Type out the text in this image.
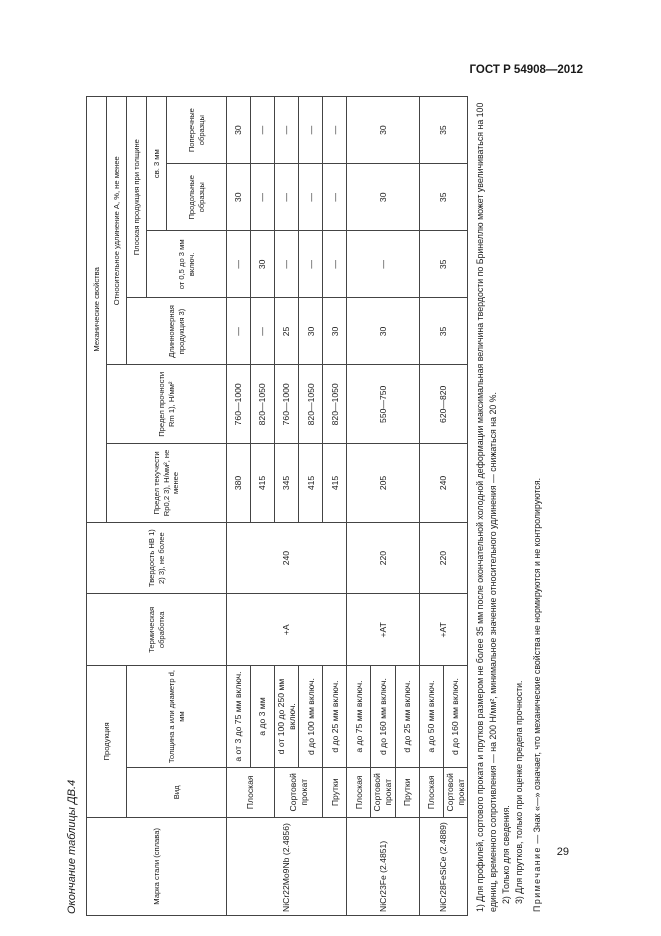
ГОСТ Р 54908—2012
Окончание таблицы ДВ.4	Марка стали (сплава)	Продукция		Термическая обработка	Твердость HB 1) 2) 3), не более	Механические свойства					
					Предел текучести Rp0,2 3), Н/мм², не менее	Предел прочности Rm 1), Н/мм²	Относительное удлинение A, %, не менее			
	Вид	Толщина а или диаметр d, мм					Длинномерная продукция 3)	Плоская продукция при толщине		
								от 0,5 до 3 мм включ.	св. 3 мм	
									Продольные образцы	Поперечные образцы
NiCr22Mo9Nb (2.4856)	Плоская	а от 3 до 75 мм включ.	+A	240	380	760—1000	—	—	30	30
		а до 3 мм			415	820—1050	—	30	—	—
	Сортовой прокат	d от 100 до 250 мм включ.			345	760—1000	25	—	—	—
		d до 100 мм включ.			415	820—1050	30	—	—	—
	Прутки	d до 25 мм включ.			415	820—1050	30	—	—	—
NiCr23Fe (2.4851)	Плоская	а до 75 мм включ.	+AT	220	205	550—750	30	—	30	30
	Сортовой прокат	d до 160 мм включ.								
	Прутки	d до 25 мм включ.								
NiCr28FeSiCe (2.4889)	Плоская	а до 50 мм включ.	+AT	220	240	620—820	35	35	35	35
	Сортовой прокат	d до 160 мм включ.								1) Для профилей, сортового проката и прутков размером не более 35 мм после окончательной холодной деформации максимальная величина твердости по Бринеллю может увеличиваться на 100 единиц, временного сопротивления — на 200 Н/мм², минимальное значение относительного удлинения — снижаться на 20 %. 2) Только для сведения. 3) Для прутков, только при оценке предела прочности. Примечание — Знак «—» означает, что механические свойства не нормируются и не контролируются.

29
